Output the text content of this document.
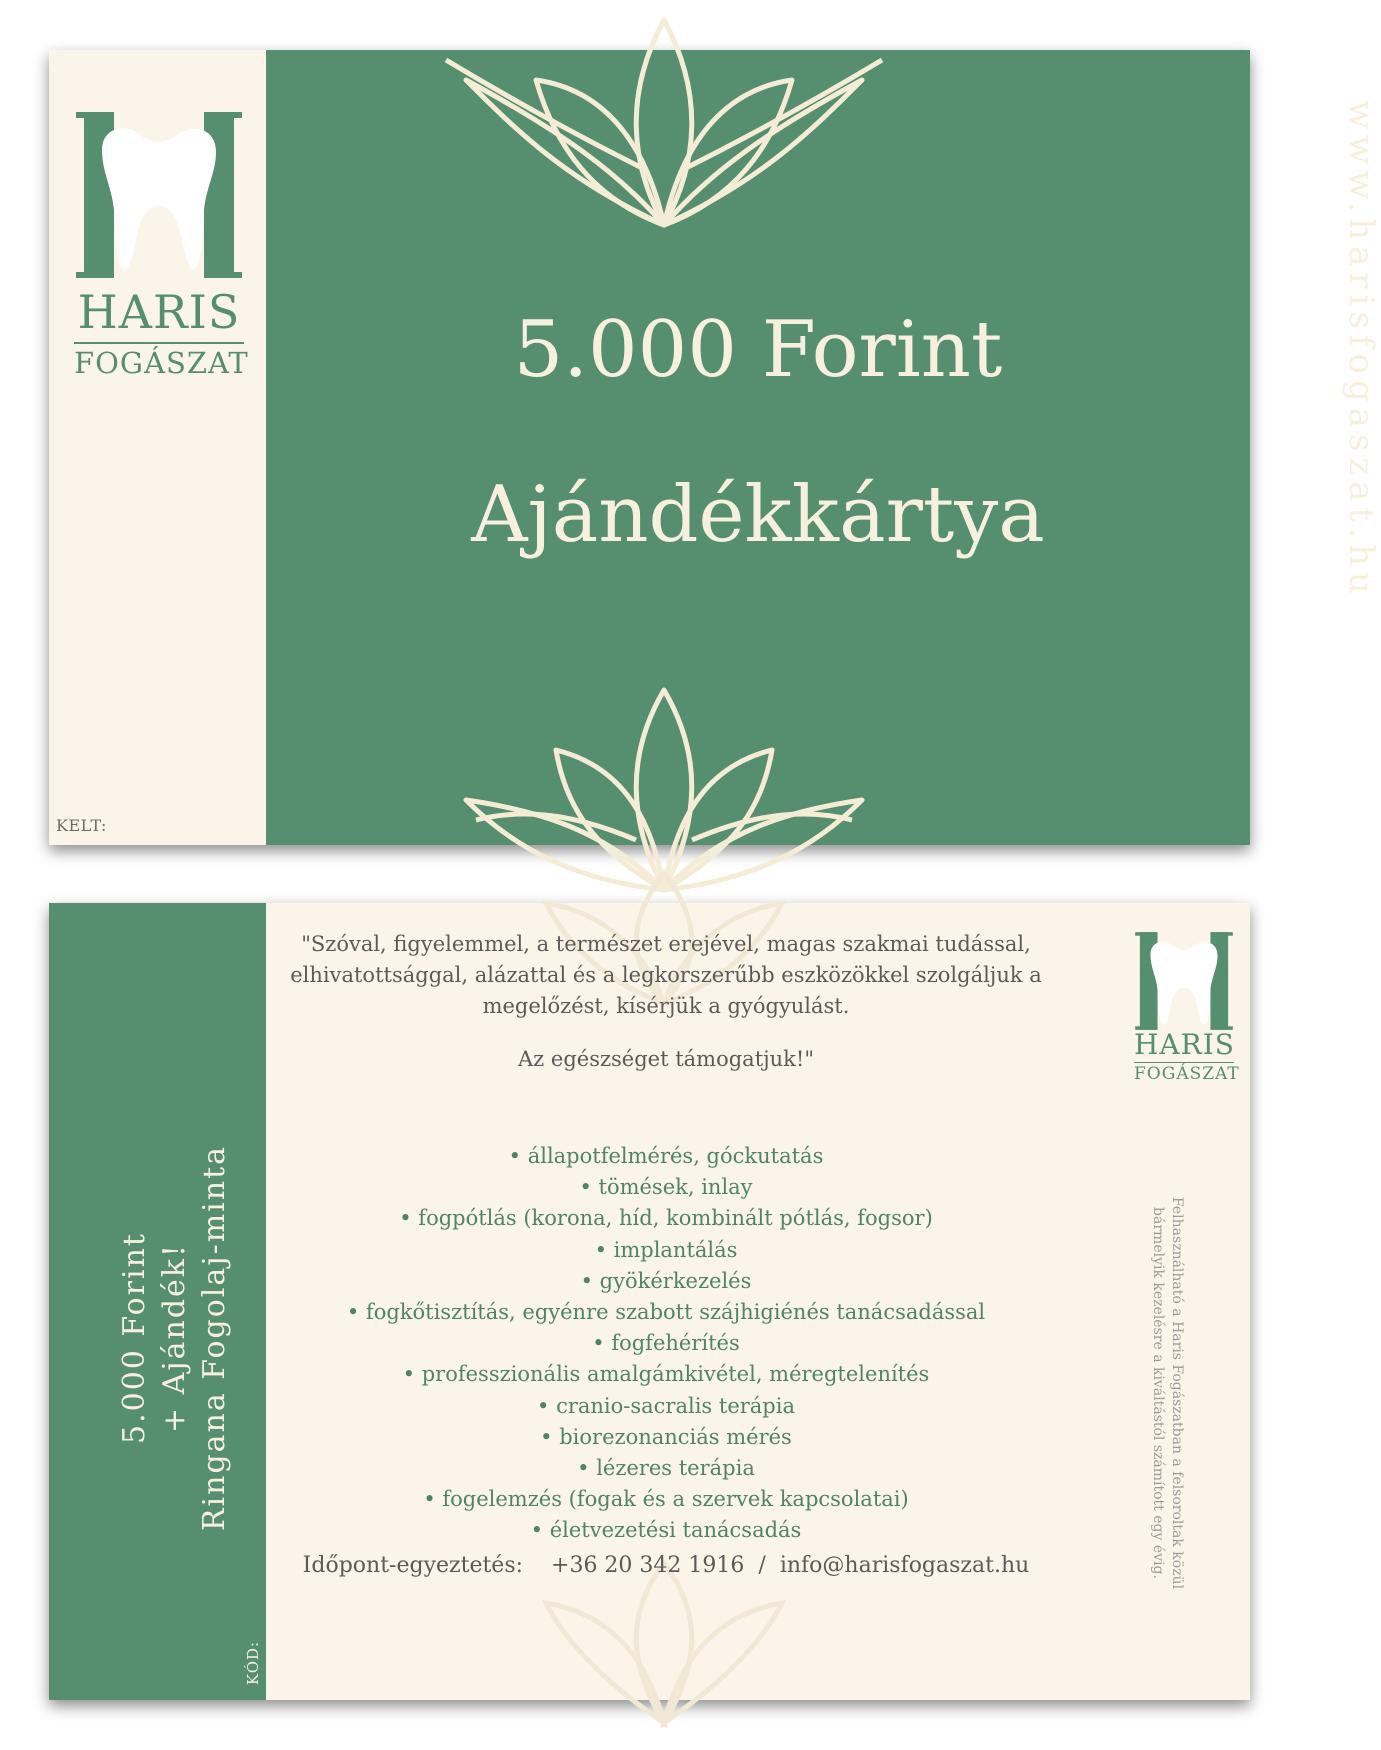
HARIS
FOGÁSZAT
KELT:
5.000 Forint
Ajándékkártya	www.harisfogaszat.hu
5.000 Forint + Ajándék! Ringana Fogolaj-minta
KÓD:

"Szóval, figyelemmel, a természet erejével, magas szakmai tudással, elhivatottsággal, alázattal és a legkorszerűbb eszközökkel szolgáljuk a megelőzést, kísérjük a gyógyulást.

Az egészséget támogatjuk!"

• állapotfelmérés, góckutatás
• tömések, inlay
• fogpótlás (korona, híd, kombinált pótlás, fogsor)
• implantálás
• gyökérkezelés
• fogkőtisztítás, egyénre szabott szájhigiénés tanácsadással
• fogfehérítés
• professzionális amalgámkivétel, méregtelenítés
• cranio-sacralis terápia
• biorezonanciás mérés
• lézeres terápia
• fogelemzés (fogak és a szervek kapcsolatai)
• életvezetési tanácsadás
Időpont-egyeztetés: +36 20 342 1916 / info@harisfogaszat.hu
HARIS
FOGÁSZAT
Felhasználható a Haris Fogászatban a felsoroltak közül
bármelyik kezelésre a kiváltástól számított egy évig.
